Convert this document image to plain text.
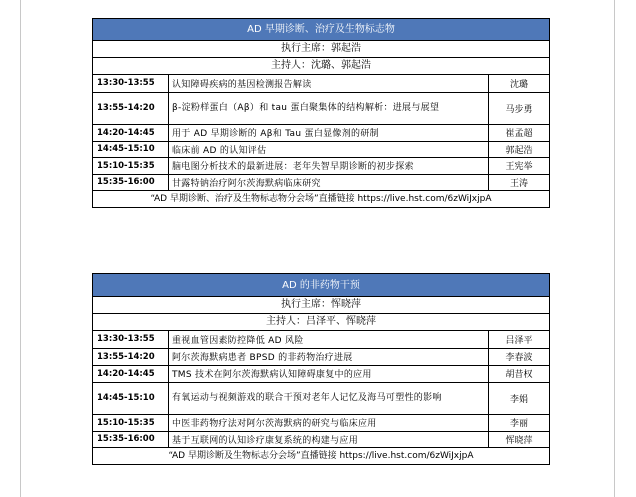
AD 早期诊断、治疗及生物标志物
执行主席：郭起浩
主持人：沈璐、郭起浩
13:30-13:55	认知障碍疾病的基因检测报告解读	沈璐
13:55-14:20	β-淀粉样蛋白（Aβ）和 tau 蛋白聚集体的结构解析：进展与展望	马步勇
14:20-14:45	用于 AD 早期诊断的 Aβ和 Tau 蛋白显像剂的研制	崔孟超
14:45-15:10	临床前 AD 的认知评估	郭起浩
15:10-15:35	脑电图分析技术的最新进展：老年失智早期诊断的初步探索	王宪举
15:35-16:00	甘露特钠治疗阿尔茨海默病临床研究	王涛
“AD 早期诊断、治疗及生物标志物分会场”直播链接 https://live.hst.com/6zWiJxjpA
AD 的非药物干预
执行主席：恽晓萍
主持人：吕泽平、恽晓萍
13:30-13:55	重视血管因素防控降低 AD 风险	吕泽平
13:55-14:20	阿尔茨海默病患者 BPSD 的非药物治疗进展	李春波
14:20-14:45	TMS 技术在阿尔茨海默病认知障碍康复中的应用	胡昔权
14:45-15:10	有氧运动与视频游戏的联合干预对老年人记忆及海马可塑性的影响	李娟
15:10-15:35	中医非药物疗法对阿尔茨海默病的研究与临床应用	李丽
15:35-16:00	基于互联网的认知诊疗康复系统的构建与应用	恽晓萍
“AD 早期诊断及生物标志分会场”直播链接 https://live.hst.com/6zWiJxjpA
